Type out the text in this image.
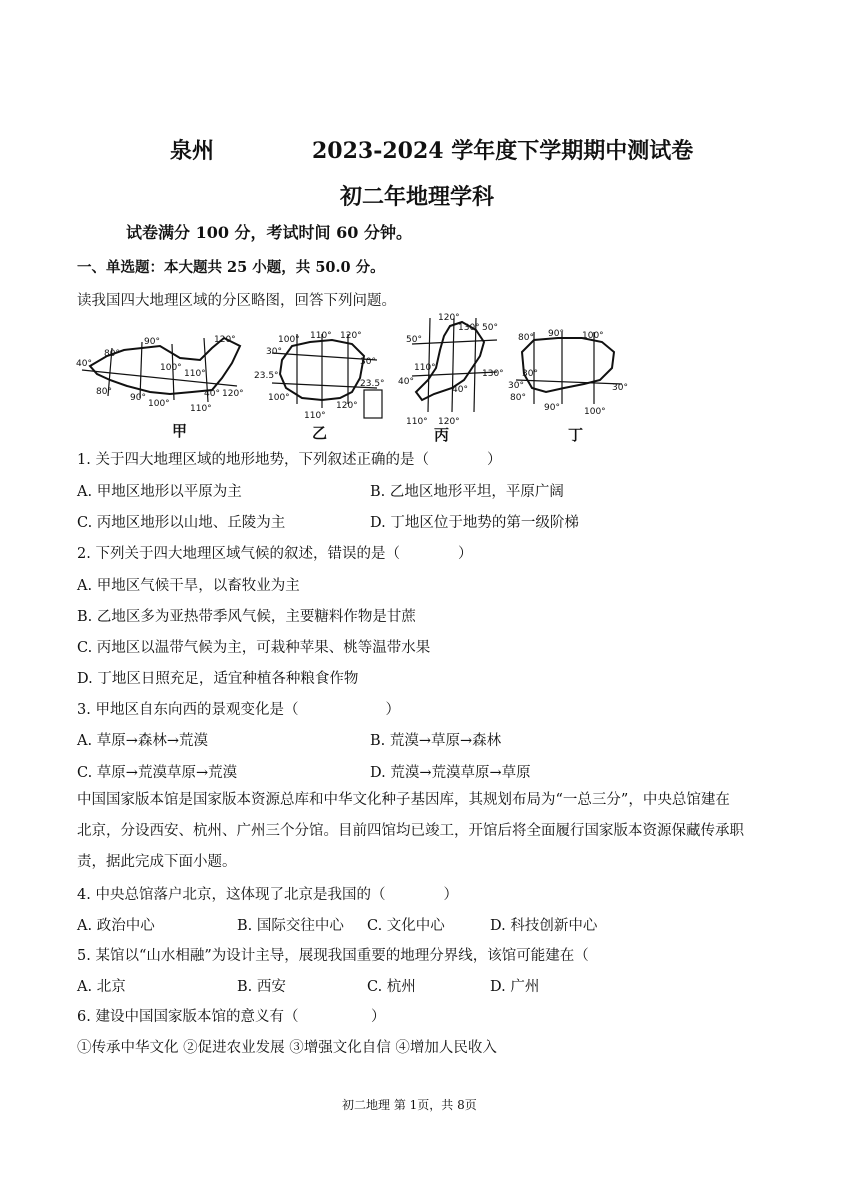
泉州	2023-2024 学年度下学期期中测试卷
初二年地理学科
试卷满分 100 分，考试时间 60 分钟。
一、单选题：本大题共 25 小题，共 50.0 分。
读我国四大地理区域的分区略图，回答下列问题。
40°
80°
90°	120°
100°
110°
40° 120°
80°
90°
100° 110°
甲
100° 110° 120°
30°
30°
23.5°
100°
110°
120°
23.5°
乙
120°
50°
130° 50°
40°
110°
130°
40°
110° 120°
丙
80° 90° 100°
30°
30°
80°
90°	100°
30°
丁
1. 关于四大地理区域的地形地势，下列叙述正确的是（　　　　）
A. 甲地区地形以平原为主	B. 乙地区地形平坦，平原广阔
C. 丙地区地形以山地、丘陵为主	D. 丁地区位于地势的第一级阶梯
2. 下列关于四大地理区域气候的叙述，错误的是（　　　　）
A. 甲地区气候干旱，以畜牧业为主
B. 乙地区多为亚热带季风气候，主要糖料作物是甘蔗
C. 丙地区以温带气候为主，可栽种苹果、桃等温带水果
D. 丁地区日照充足，适宜种植各种粮食作物
3. 甲地区自东向西的景观变化是（　　　　　　）
A. 草原→森林→荒漠	B. 荒漠→草原→森林
C. 草原→荒漠草原→荒漠	D. 荒漠→荒漠草原→草原
中国国家版本馆是国家版本资源总库和中华文化种子基因库，其规划布局为“一总三分”，中央总馆建在
北京，分设西安、杭州、广州三个分馆。目前四馆均已竣工，开馆后将全面履行国家版本资源保藏传承职
责，据此完成下面小题。
4. 中央总馆落户北京，这体现了北京是我国的（　　　　）
A. 政治中心	B. 国际交往中心 C. 文化中心	D. 科技创新中心
5. 某馆以“山水相融”为设计主导，展现我国重要的地理分界线，该馆可能建在（
A. 北京	B. 西安	C. 杭州	D. 广州
6. 建设中国国家版本馆的意义有（　　　　　）
①传承中华文化 ②促进农业发展 ③增强文化自信 ④增加人民收入
初二地理 第 1页，共 8页
